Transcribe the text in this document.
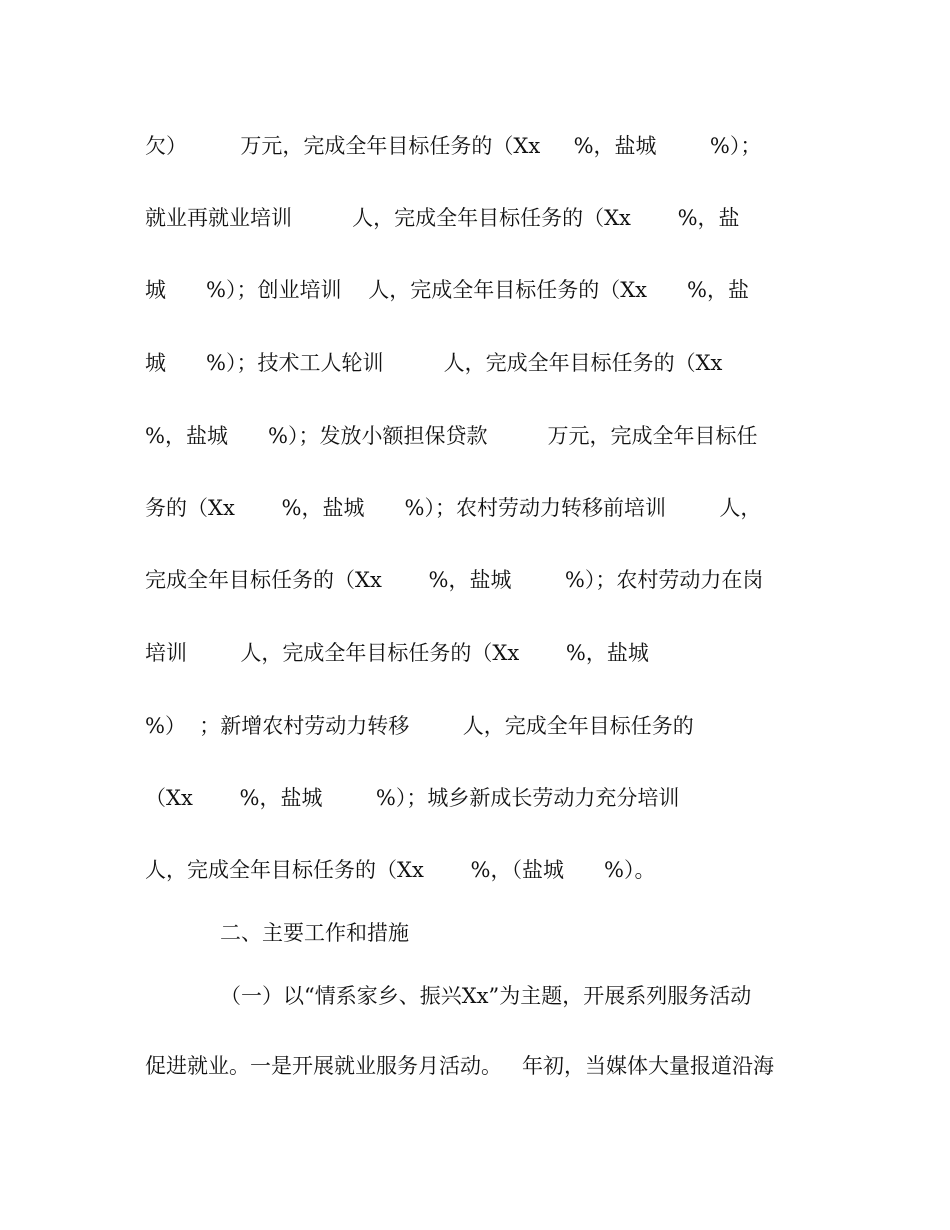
欠）        万元，完成全年目标任务的（Xx     %，盐城        %）；
就业再就业培训         人，完成全年目标任务的（Xx       %，盐
城      %）；创业培训    人，完成全年目标任务的（Xx      %，盐
城      %）；技术工人轮训         人，完成全年目标任务的（Xx
%，盐城      %）；发放小额担保贷款         万元，完成全年目标任
务的（Xx       %，盐城      %）；农村劳动力转移前培训        人，
完成全年目标任务的（Xx       %，盐城        %）；农村劳动力在岗
培训        人，完成全年目标任务的（Xx       %，盐城
%）  ；新增农村劳动力转移        人，完成全年目标任务的
（Xx       %，盐城        %）；城乡新成长劳动力充分培训
人，完成全年目标任务的（Xx       %，（盐城      %）。
二、主要工作和措施
（一）以“情系家乡、振兴Xx”为主题，开展系列服务活动
促进就业。一是开展就业服务月活动。   年初，当媒体大量报道沿海
